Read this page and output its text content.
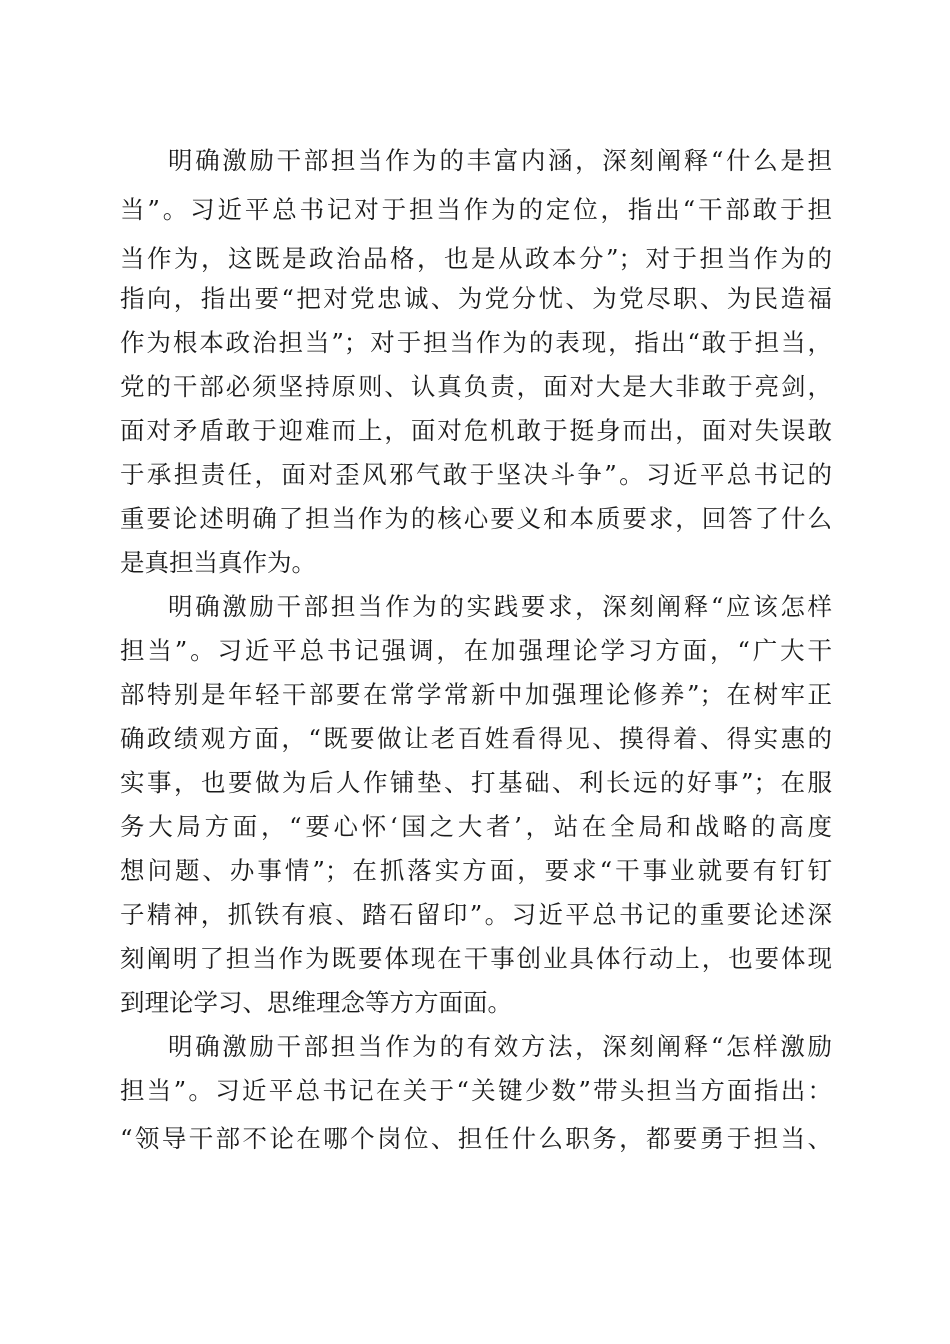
明确激励干部担当作为的丰富内涵，深刻阐释“什么是担
当”。习近平总书记对于担当作为的定位，指出“干部敢于担
当作为，这既是政治品格，也是从政本分”；对于担当作为的
指向，指出要“把对党忠诚、为党分忧、为党尽职、为民造福
作为根本政治担当”；对于担当作为的表现，指出“敢于担当，
党的干部必须坚持原则、认真负责，面对大是大非敢于亮剑，
面对矛盾敢于迎难而上，面对危机敢于挺身而出，面对失误敢
于承担责任，面对歪风邪气敢于坚决斗争”。习近平总书记的
重要论述明确了担当作为的核心要义和本质要求，回答了什么
是真担当真作为。
明确激励干部担当作为的实践要求，深刻阐释“应该怎样
担当”。习近平总书记强调，在加强理论学习方面，“广大干
部特别是年轻干部要在常学常新中加强理论修养”；在树牢正
确政绩观方面，“既要做让老百姓看得见、摸得着、得实惠的
实事，也要做为后人作铺垫、打基础、利长远的好事”；在服
务大局方面，“要心怀‘国之大者’，站在全局和战略的高度
想问题、办事情”；在抓落实方面，要求“干事业就要有钉钉
子精神，抓铁有痕、踏石留印”。习近平总书记的重要论述深
刻阐明了担当作为既要体现在干事创业具体行动上，也要体现
到理论学习、思维理念等方方面面。
明确激励干部担当作为的有效方法，深刻阐释“怎样激励
担当”。习近平总书记在关于“关键少数”带头担当方面指出：
“领导干部不论在哪个岗位、担任什么职务，都要勇于担当、
